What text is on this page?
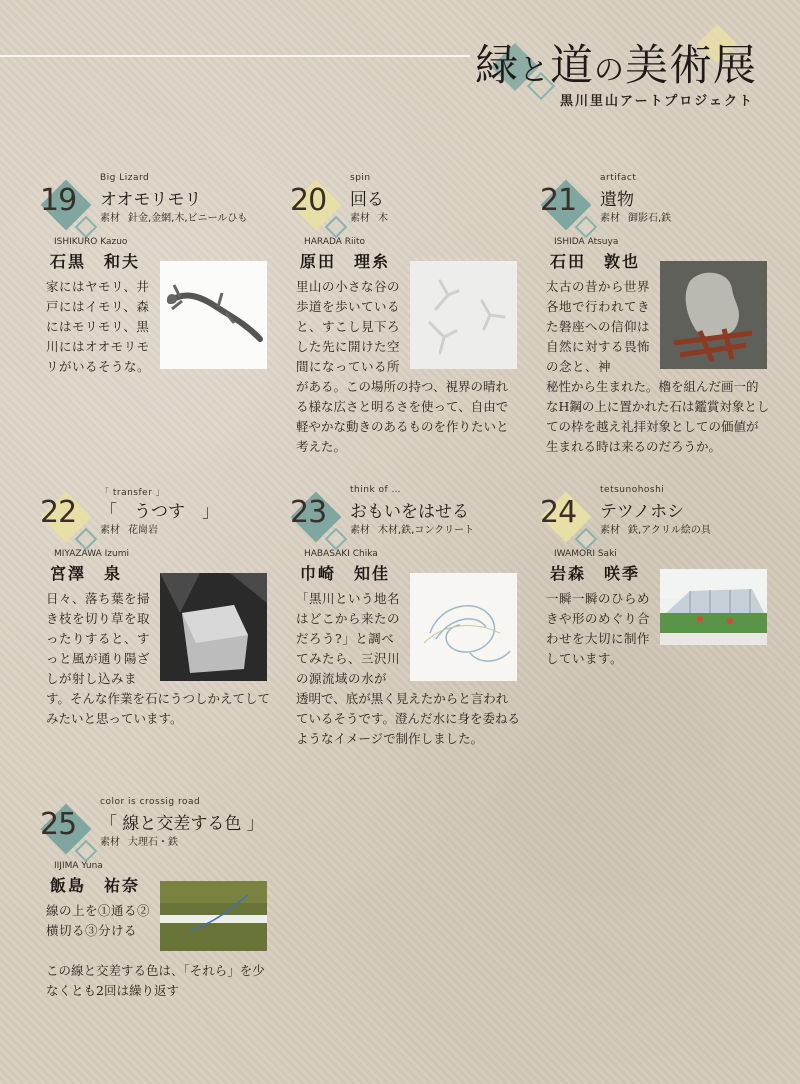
緑と道の美術展
黒川里山アートプロジェクト
19
Big Lizard
オオモリモリ
素材 針金,金網,木,ビニールひも
ISHIKURO Kazuo
石黒　和夫
家にはヤモリ、井戸にはイモリ、森にはモリモリ、黒川にはオオモリモリがいるそうな。
20
spin
回る
素材 木
HARADA Riito
原田　理糸
里山の小さな谷の歩道を歩いていると、すこし見下ろした先に開けた空間になっている所
がある。この場所の持つ、視界の晴れる様な広さと明るさを使って、自由で軽やかな動きのあるものを作りたいと考えた。
21
artifact
遺物
素材 御影石,鉄
ISHIDA Atsuya
石田　敦也
太古の昔から世界各地で行われてきた磐座への信仰は自然に対する畏怖の念と、神
秘性から生まれた。櫓を組んだ画一的なH鋼の上に置かれた石は鑑賞対象としての枠を越え礼拝対象としての価値が生まれる時は来るのだろうか。
22
「 transfer 」
「　うつす　」
素材 花崗岩
MIYAZAWA Izumi
宮澤　泉
日々、落ち葉を掃き枝を切り草を取ったりすると、すっと風が通り陽ざしが射し込みま
す。そんな作業を石にうつしかえてしてみたいと思っています。
23
think of …
おもいをはせる
素材 木材,鉄,コンクリート
HABASAKI Chika
巾崎　知佳
「黒川という地名はどこから来たのだろう?」と調べてみたら、三沢川の源流域の水が
透明で、底が黒く見えたからと言われているそうです。澄んだ水に身を委ねるようなイメージで制作しました。
24
tetsunohoshi
テツノホシ
素材 鉄,アクリル絵の具
IWAMORI Saki
岩森　咲季
一瞬一瞬のひらめきや形のめぐり合わせを大切に制作しています。
25
color is crossig road
「 線と交差する色 」
素材 大理石・鉄
IIJIMA Yuna
飯島　祐奈
線の上を①通る②横切る③分ける
この線と交差する色は、「それら」を少なくとも2回は繰り返す
